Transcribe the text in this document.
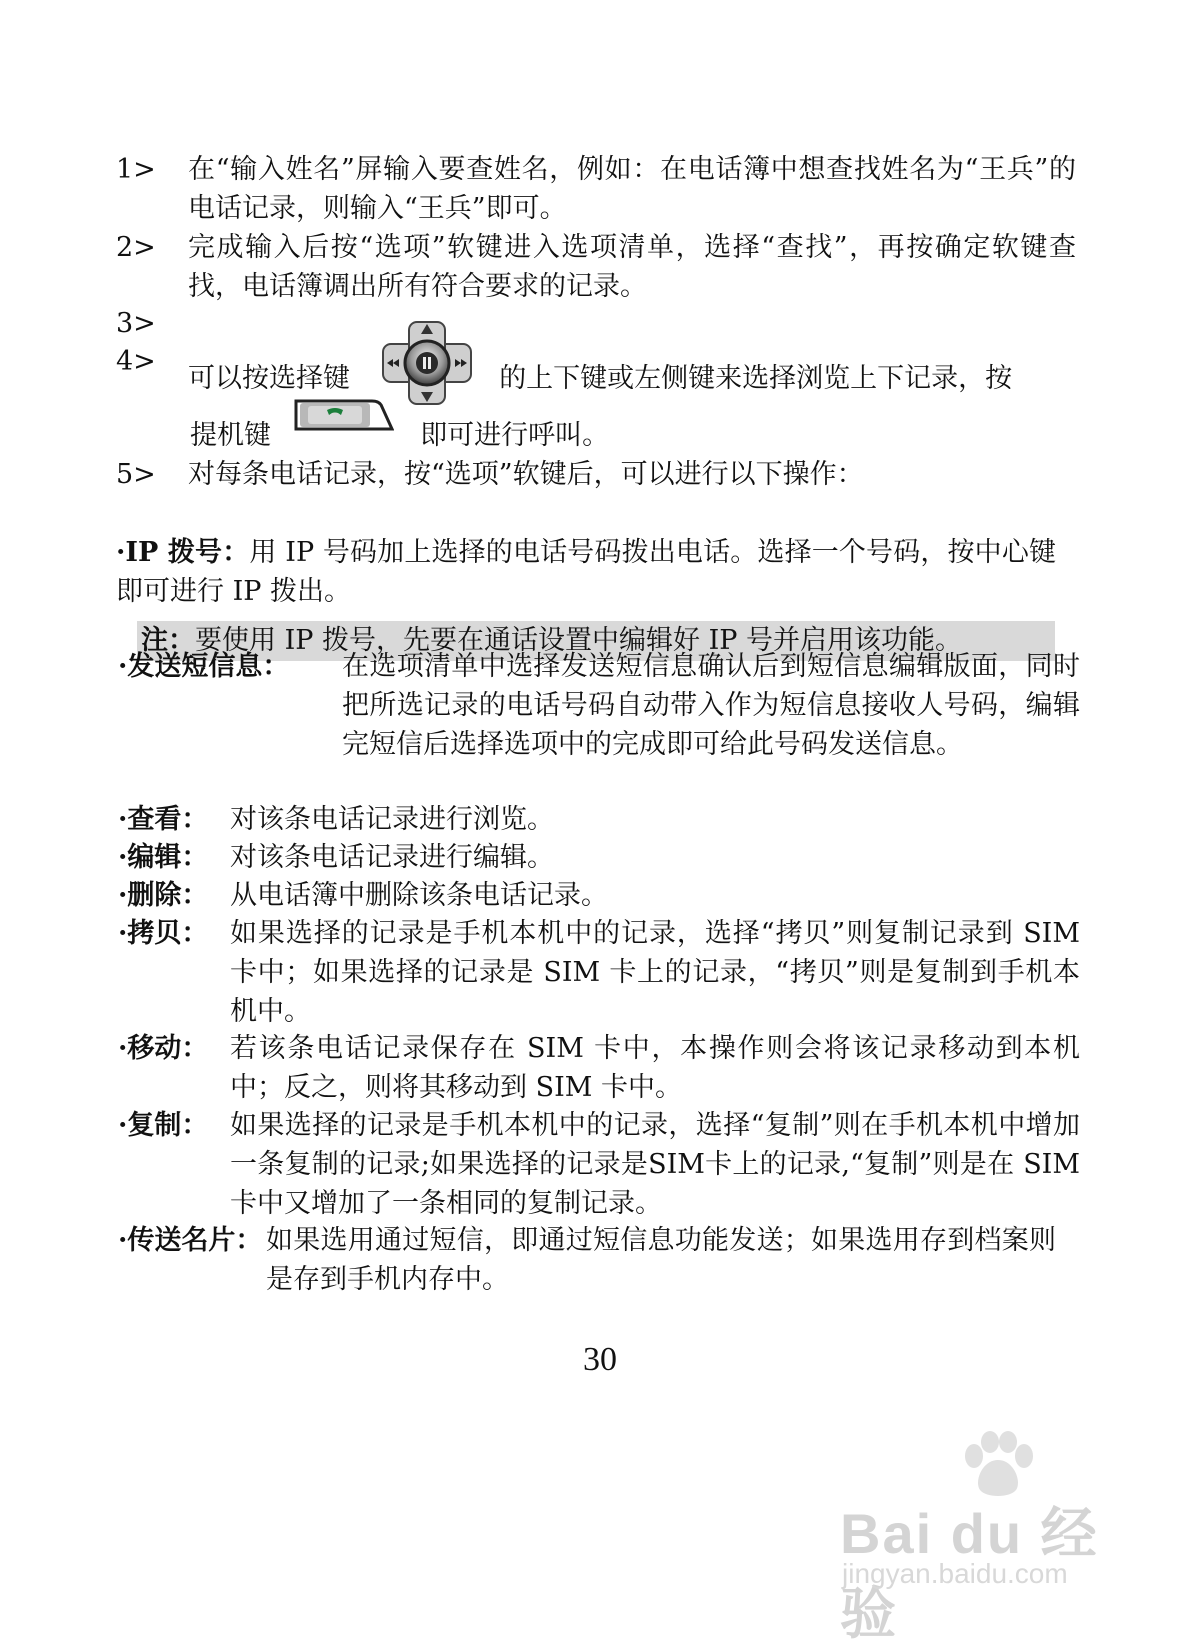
1>	在“输入姓名”屏输入要查姓名，例如：在电话簿中想查找姓名为“王兵”的电话记录，则输入“王兵”即可。
2>	完成输入后按“选项”软键进入选项清单，选择“查找”，再按确定软键查找，电话簿调出所有符合要求的记录。
3>
4>
可以按选择键	的上下键或左侧键来选择浏览上下记录，按
提机键	即可进行呼叫。
5>	对每条电话记录，按“选项”软键后，可以进行以下操作：
·IP 拨号：用 IP 号码加上选择的电话号码拨出电话。选择一个号码，按中心键即可进行 IP 拨出。
注：要使用 IP 拨号，先要在通话设置中编辑好 IP 号并启用该功能。
·发送短信息： 在选项清单中选择发送短信息确认后到短信息编辑版面，同时把所选记录的电话号码自动带入作为短信息接收人号码，编辑完短信后选择选项中的完成即可给此号码发送信息。
·查看： 对该条电话记录进行浏览。
·编辑： 对该条电话记录进行编辑。
·删除： 从电话簿中删除该条电话记录。
·拷贝： 如果选择的记录是手机本机中的记录，选择“拷贝”则复制记录到 SIM 卡中；如果选择的记录是 SIM 卡上的记录，“拷贝”则是复制到手机本机中。
·移动： 若该条电话记录保存在 SIM 卡中，本操作则会将该记录移动到本机中；反之，则将其移动到 SIM 卡中。
·复制： 如果选择的记录是手机本机中的记录，选择“复制”则在手机本机中增加一条复制的记录;如果选择的记录是SIM卡上的记录,“复制”则是在 SIM 卡中又增加了一条相同的复制记录。
·传送名片： 如果选用通过短信，即通过短信息功能发送；如果选用存到档案则是存到手机内存中。
30
Bai du 经验
jingyan.baidu.com
